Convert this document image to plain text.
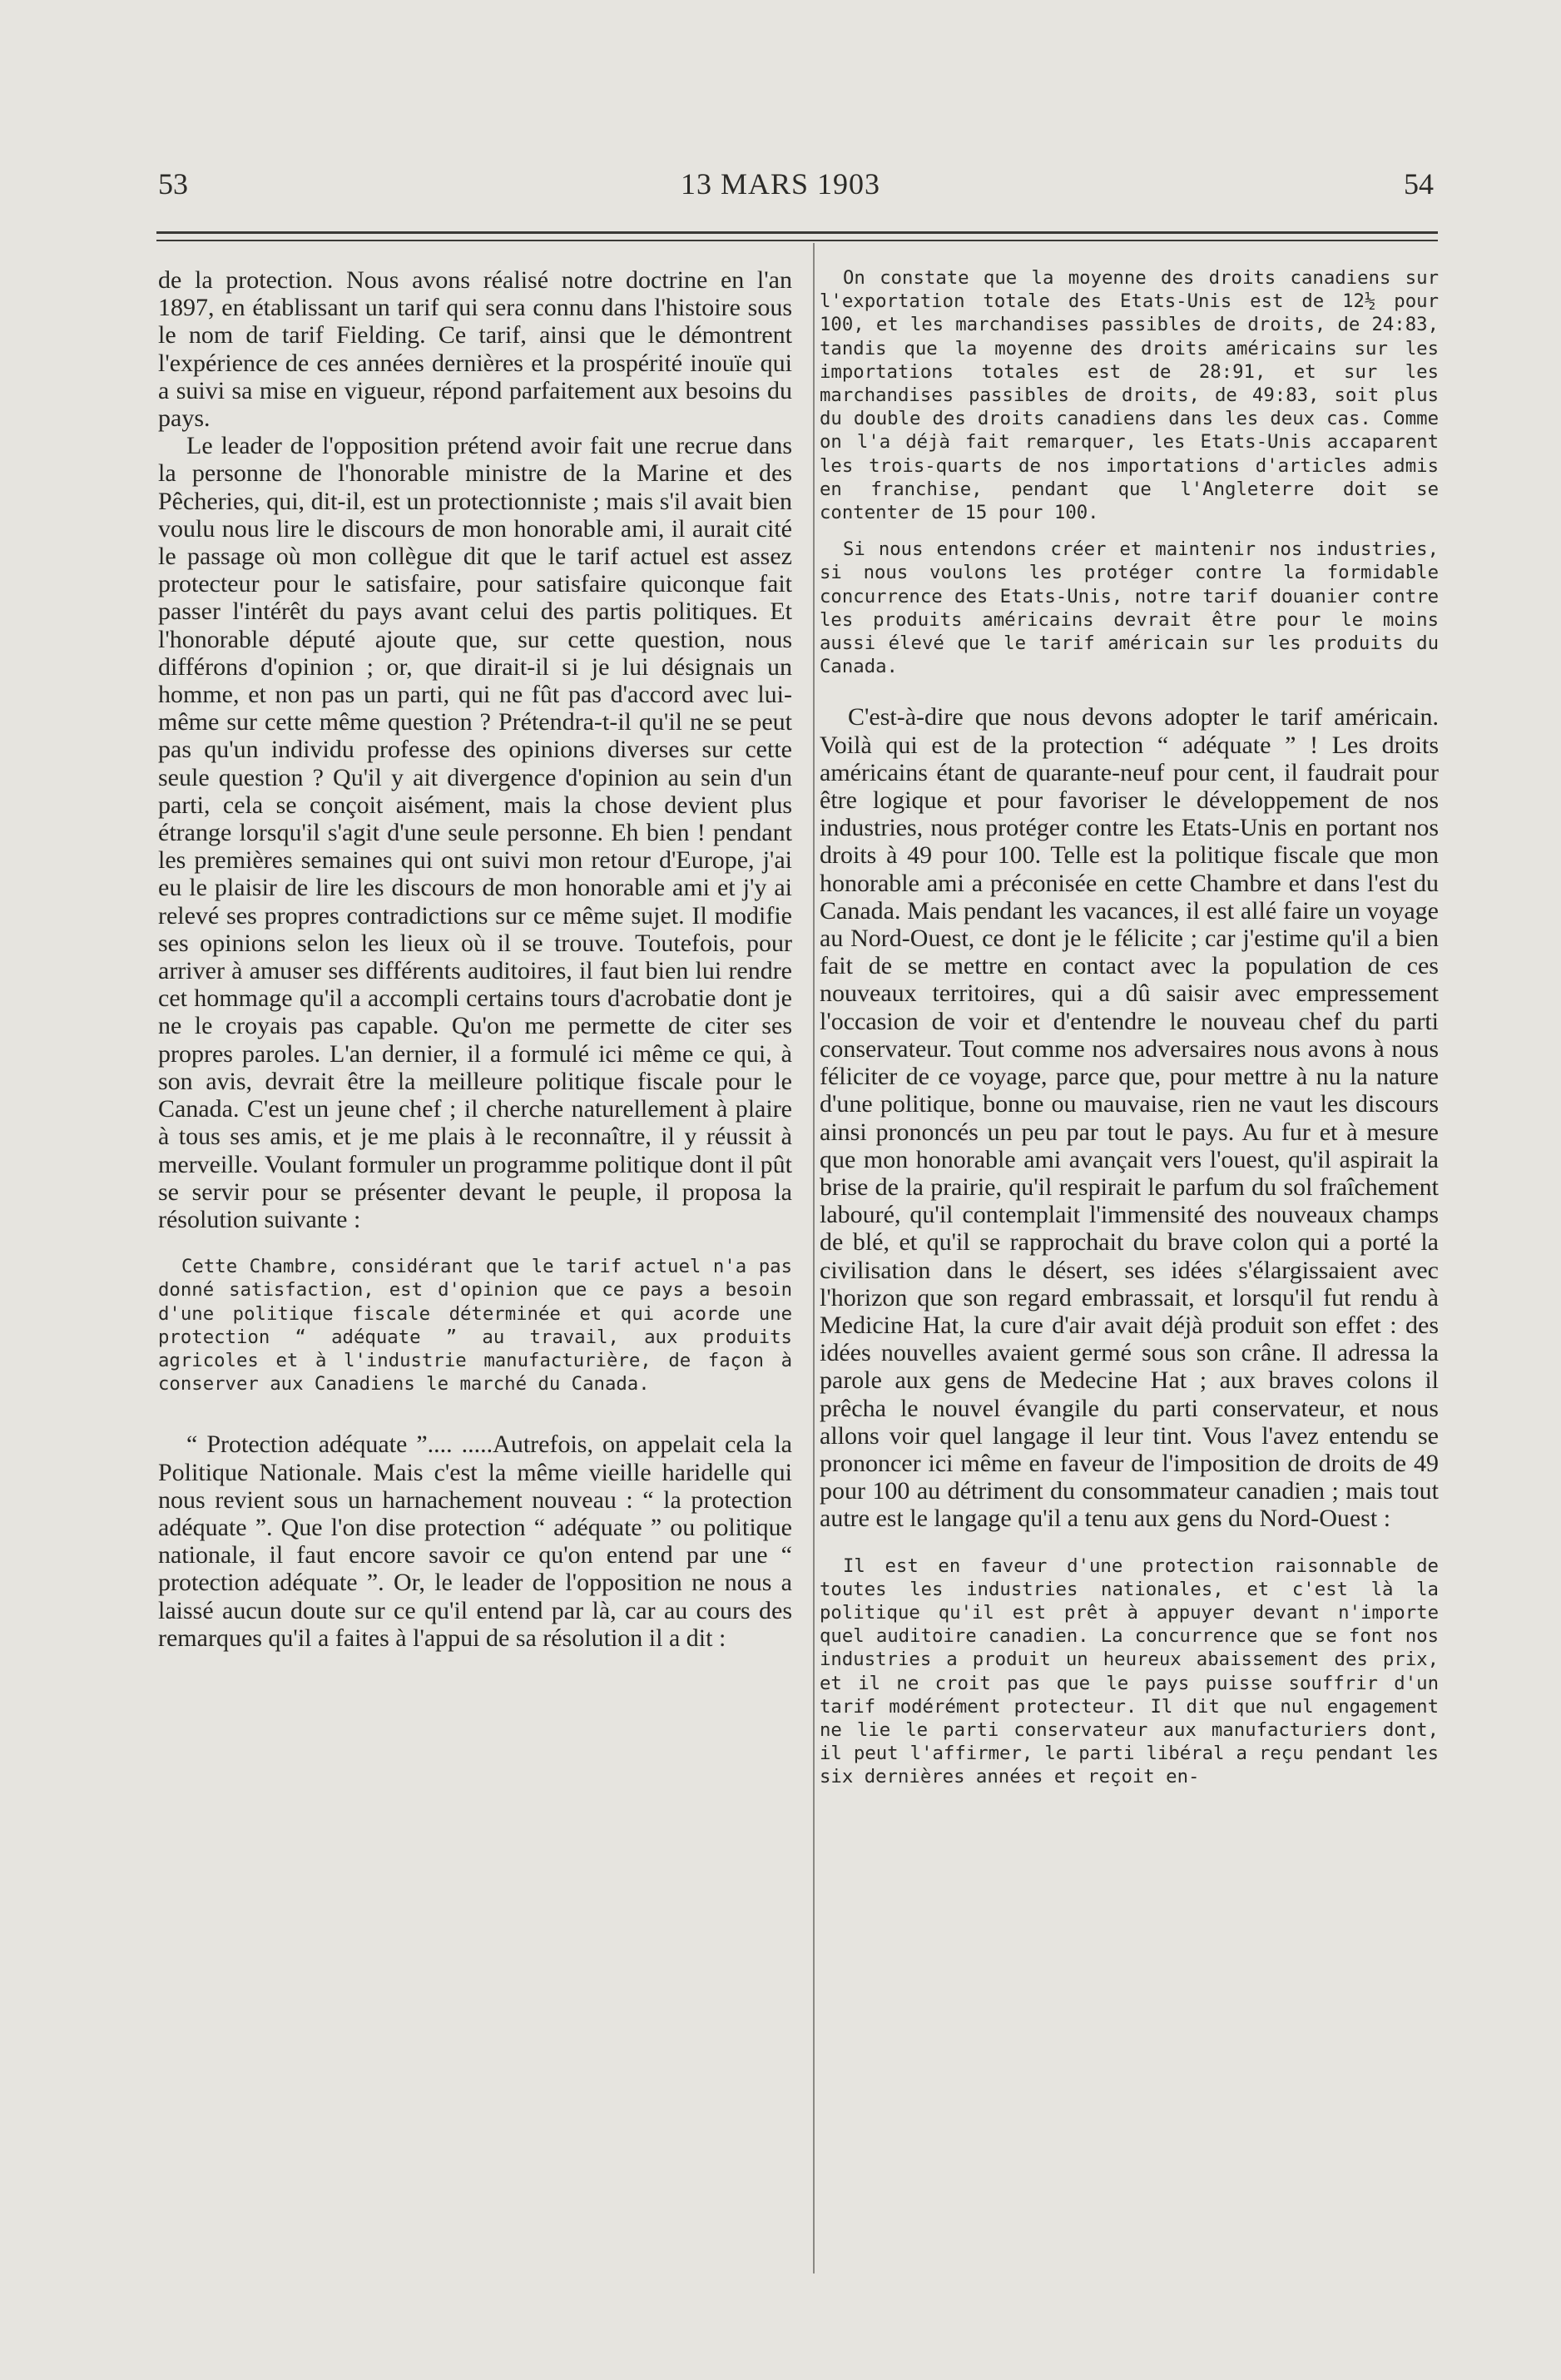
53	13 MARS 1903	54

de la protection. Nous avons réalisé notre doctrine en l'an 1897, en établissant un tarif qui sera connu dans l'histoire sous le nom de tarif Fielding. Ce tarif, ainsi que le démontrent l'expérience de ces années dernières et la prospérité inouïe qui a suivi sa mise en vigueur, répond parfaitement aux besoins du pays.

Le leader de l'opposition prétend avoir fait une recrue dans la personne de l'honorable ministre de la Marine et des Pêcheries, qui, dit-il, est un protectionniste ; mais s'il avait bien voulu nous lire le discours de mon honorable ami, il aurait cité le passage où mon collègue dit que le tarif actuel est assez protecteur pour le satisfaire, pour satisfaire quiconque fait passer l'intérêt du pays avant celui des partis politiques. Et l'honorable député ajoute que, sur cette question, nous différons d'opinion ; or, que dirait-il si je lui désignais un homme, et non pas un parti, qui ne fût pas d'accord avec lui-même sur cette même question ? Prétendra-t-il qu'il ne se peut pas qu'un individu professe des opinions diverses sur cette seule question ? Qu'il y ait divergence d'opinion au sein d'un parti, cela se conçoit aisément, mais la chose devient plus étrange lorsqu'il s'agit d'une seule personne. Eh bien ! pendant les premières semaines qui ont suivi mon retour d'Europe, j'ai eu le plaisir de lire les discours de mon honorable ami et j'y ai relevé ses propres contradictions sur ce même sujet. Il modifie ses opinions selon les lieux où il se trouve. Toutefois, pour arriver à amuser ses différents auditoires, il faut bien lui rendre cet hommage qu'il a accompli certains tours d'acrobatie dont je ne le croyais pas capable. Qu'on me permette de citer ses propres paroles. L'an dernier, il a formulé ici même ce qui, à son avis, devrait être la meilleure politique fiscale pour le Canada. C'est un jeune chef ; il cherche naturellement à plaire à tous ses amis, et je me plais à le reconnaître, il y réussit à merveille. Voulant formuler un programme politique dont il pût se servir pour se présenter devant le peuple, il proposa la résolution suivante :

Cette Chambre, considérant que le tarif actuel n'a pas donné satisfaction, est d'opinion que ce pays a besoin d'une politique fiscale déterminée et qui acorde une protection “ adéquate ” au travail, aux produits agricoles et à l'industrie manufacturière, de façon à conserver aux Canadiens le marché du Canada.

“ Protection adéquate ”.... .....Autrefois, on appelait cela la Politique Nationale. Mais c'est la même vieille haridelle qui nous revient sous un harnachement nouveau : “ la protection adéquate ”. Que l'on dise protection “ adéquate ” ou politique nationale, il faut encore savoir ce qu'on entend par une “ protection adéquate ”. Or, le leader de l'opposition ne nous a laissé aucun doute sur ce qu'il entend par là, car au cours des remarques qu'il a faites à l'appui de sa résolution il a dit :

On constate que la moyenne des droits canadiens sur l'exportation totale des Etats-Unis est de 12½ pour 100, et les marchandises passibles de droits, de 24:83, tandis que la moyenne des droits américains sur les importations totales est de 28:91, et sur les marchandises passibles de droits, de 49:83, soit plus du double des droits canadiens dans les deux cas. Comme on l'a déjà fait remarquer, les Etats-Unis accaparent les trois-quarts de nos importations d'articles admis en franchise, pendant que l'Angleterre doit se contenter de 15 pour 100.

Si nous entendons créer et maintenir nos industries, si nous voulons les protéger contre la formidable concurrence des Etats-Unis, notre tarif douanier contre les produits américains devrait être pour le moins aussi élevé que le tarif américain sur les produits du Canada.

C'est-à-dire que nous devons adopter le tarif américain. Voilà qui est de la protection “ adéquate ” ! Les droits américains étant de quarante-neuf pour cent, il faudrait pour être logique et pour favoriser le développement de nos industries, nous protéger contre les Etats-Unis en portant nos droits à 49 pour 100. Telle est la politique fiscale que mon honorable ami a préconisée en cette Chambre et dans l'est du Canada. Mais pendant les vacances, il est allé faire un voyage au Nord-Ouest, ce dont je le félicite ; car j'estime qu'il a bien fait de se mettre en contact avec la population de ces nouveaux territoires, qui a dû saisir avec empressement l'occasion de voir et d'entendre le nouveau chef du parti conservateur. Tout comme nos adversaires nous avons à nous féliciter de ce voyage, parce que, pour mettre à nu la nature d'une politique, bonne ou mauvaise, rien ne vaut les discours ainsi prononcés un peu par tout le pays. Au fur et à mesure que mon honorable ami avançait vers l'ouest, qu'il aspirait la brise de la prairie, qu'il respirait le parfum du sol fraîchement labouré, qu'il contemplait l'immensité des nouveaux champs de blé, et qu'il se rapprochait du brave colon qui a porté la civilisation dans le désert, ses idées s'élargissaient avec l'horizon que son regard embrassait, et lorsqu'il fut rendu à Medicine Hat, la cure d'air avait déjà produit son effet : des idées nouvelles avaient germé sous son crâne. Il adressa la parole aux gens de Medecine Hat ; aux braves colons il prêcha le nouvel évangile du parti conservateur, et nous allons voir quel langage il leur tint. Vous l'avez entendu se prononcer ici même en faveur de l'imposition de droits de 49 pour 100 au détriment du consommateur canadien ; mais tout autre est le langage qu'il a tenu aux gens du Nord-Ouest :

Il est en faveur d'une protection raisonnable de toutes les industries nationales, et c'est là la politique qu'il est prêt à appuyer devant n'importe quel auditoire canadien. La concurrence que se font nos industries a produit un heureux abaissement des prix, et il ne croit pas que le pays puisse souffrir d'un tarif modérément protecteur. Il dit que nul engagement ne lie le parti conservateur aux manufacturiers dont, il peut l'affirmer, le parti libéral a reçu pendant les six dernières années et reçoit en-
